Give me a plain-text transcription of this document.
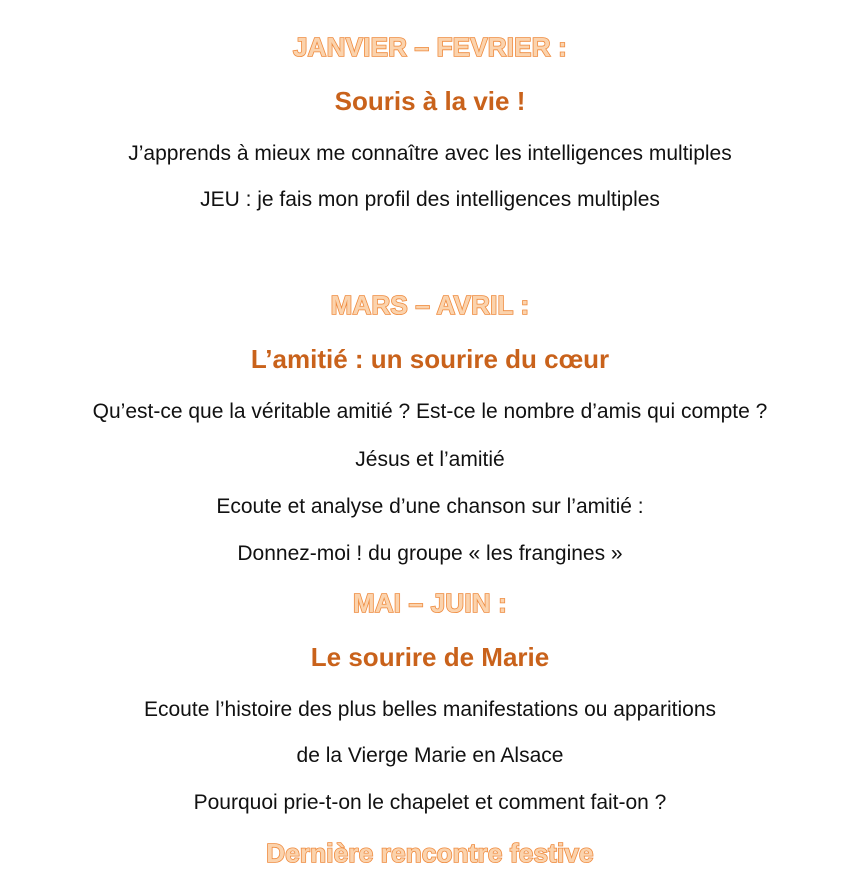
JANVIER – FEVRIER :
Souris à la vie !
J’apprends à mieux me connaître avec les intelligences multiples
JEU : je fais mon profil des intelligences multiples
MARS – AVRIL :
L’amitié : un sourire du cœur
Qu’est-ce que la véritable amitié ? Est-ce le nombre d’amis qui compte ?
Jésus et l’amitié
Ecoute et analyse d’une chanson sur l’amitié :
Donnez-moi ! du groupe « les frangines »
MAI – JUIN :
Le sourire de Marie
Ecoute l’histoire des plus belles manifestations ou apparitions
de la Vierge Marie en Alsace
Pourquoi prie-t-on le chapelet et comment fait-on ?
Dernière rencontre festive
